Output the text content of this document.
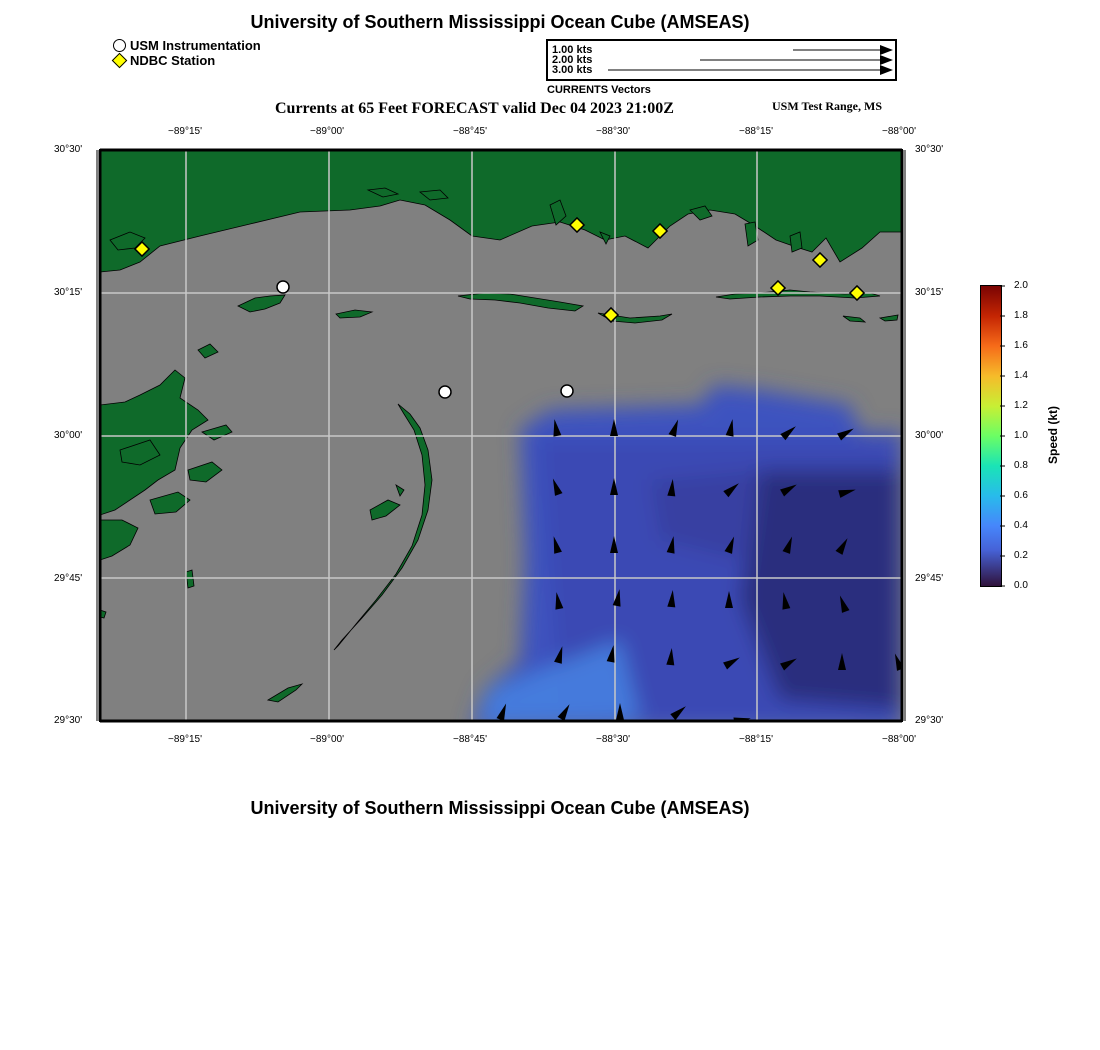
University of Southern Mississippi Ocean Cube (AMSEAS)
USM Instrumentation
NDBC Station
1.00 kts
2.00 kts
3.00 kts
CURRENTS Vectors
Currents at 65 Feet FORECAST valid Dec 04 2023 21:00Z	USM Test Range, MS
−89°15'	−89°00'	−88°45'	−88°30'	−88°15'	−88°00'
−89°15'	−89°00'	−88°45'	−88°30'	−88°15'	−88°00'
30°30'
30°15'
30°00'
29°45'
29°30'
30°30'
30°15'
30°00'
29°45'
29°30'
2.0
1.8
1.6
1.4
1.2
1.0
0.8
0.6
0.4
0.2
0.0
Speed (kt)
University of Southern Mississippi Ocean Cube (AMSEAS)
